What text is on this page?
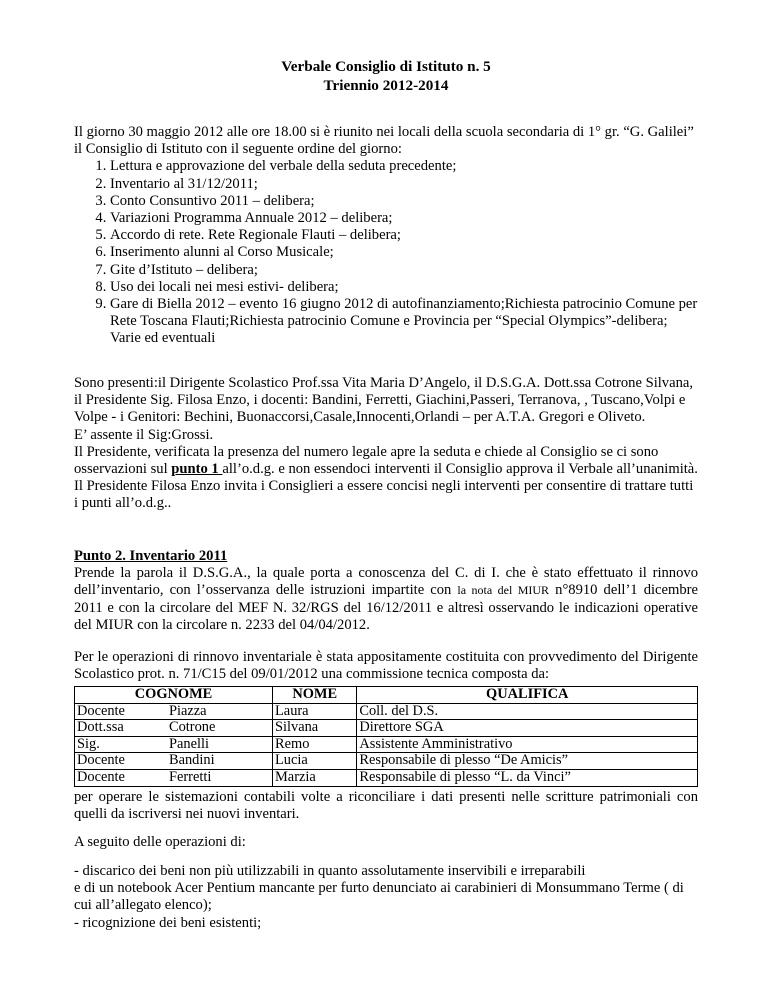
Verbale Consiglio di Istituto n. 5
Triennio 2012-2014
Il giorno 30 maggio 2012 alle ore 18.00 si è riunito nei locali della scuola secondaria di 1° gr. “G. Galilei” il Consiglio di Istituto con il seguente ordine del giorno:
1. Lettura e approvazione del verbale della seduta precedente;
2. Inventario al 31/12/2011;
3. Conto Consuntivo 2011 – delibera;
4. Variazioni Programma Annuale 2012 – delibera;
5. Accordo di rete. Rete Regionale Flauti – delibera;
6. Inserimento alunni al Corso Musicale;
7. Gite d’Istituto – delibera;
8. Uso dei locali nei mesi estivi- delibera;
9. Gare di Biella 2012 – evento 16 giugno 2012 di autofinanziamento;Richiesta patrocinio Comune per Rete Toscana Flauti;Richiesta patrocinio Comune e Provincia per “Special Olympics”-delibera;
Varie ed eventuali
Sono presenti:il Dirigente Scolastico Prof.ssa Vita Maria D’Angelo, il D.S.G.A. Dott.ssa Cotrone Silvana, il Presidente Sig. Filosa Enzo, i docenti: Bandini, Ferretti, Giachini,Passeri, Terranova, , Tuscano,Volpi e Volpe - i Genitori: Bechini, Buonaccorsi,Casale,Innocenti,Orlandi – per A.T.A. Gregori e Oliveto.
E’ assente il Sig:Grossi.
Il Presidente, verificata la presenza del numero legale apre la seduta e chiede al Consiglio se ci sono osservazioni sul punto 1 all’o.d.g. e non essendoci interventi il Consiglio approva il Verbale all’unanimità.
Il Presidente Filosa Enzo invita i Consiglieri a essere concisi negli interventi per consentire di trattare tutti i punti all’o.d.g..
Punto 2. Inventario 2011
Prende la parola il D.S.G.A., la quale porta a conoscenza del C. di I. che è stato effettuato il rinnovo dell’inventario, con l’osservanza delle istruzioni impartite con la nota del MIUR n°8910 dell’1 dicembre 2011 e con la circolare del MEF N. 32/RGS del 16/12/2011 e altresì osservando le indicazioni operative del MIUR con la circolare n. 2233 del 04/04/2012.
Per le operazioni di rinnovo inventariale è stata appositamente costituita con provvedimento del Dirigente Scolastico prot. n. 71/C15 del 09/01/2012 una commissione tecnica composta da:
COGNOME	NOME	QUALIFICA

Docente Piazza	Laura	Coll. del D.S.

Dott.ssa Cotrone	Silvana	Direttore SGA

Sig. Panelli	Remo	Assistente Amministrativo

Docente Bandini	Lucia	Responsabile di plesso “De Amicis”

Docente Ferretti	Marzia	Responsabile di plesso “L. da Vinci”
per operare le sistemazioni contabili volte a riconciliare i dati presenti nelle scritture patrimoniali con quelli da iscriversi nei nuovi inventari.
A seguito delle operazioni di:
- discarico dei beni non più utilizzabili in quanto assolutamente inservibili e irreparabili
e di un notebook Acer Pentium mancante per furto denunciato ai carabinieri di Monsummano Terme ( di cui all’allegato elenco);
- ricognizione dei beni esistenti;
